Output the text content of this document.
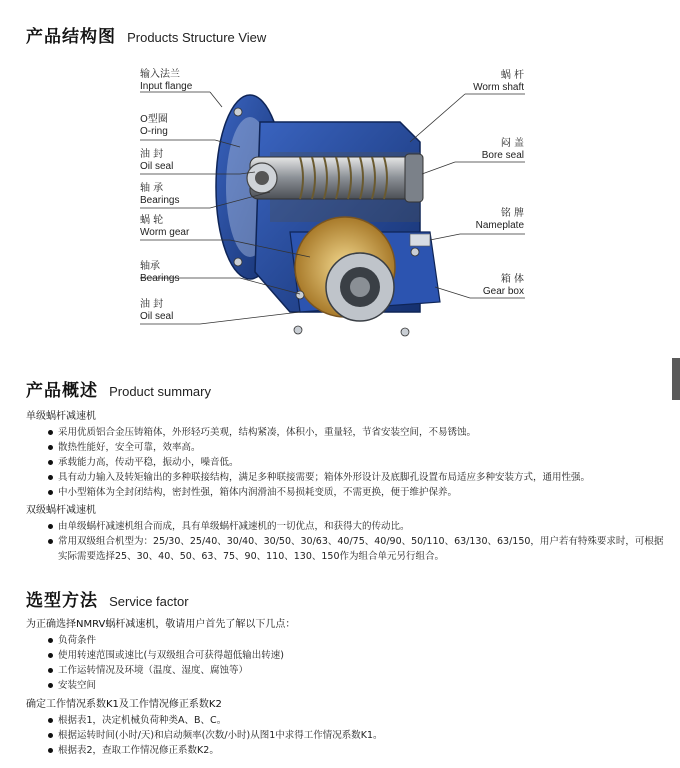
产品结构图 Products Structure View
输入法兰
Input flange
O型圈
O-ring
油 封
Oil seal
轴 承
Bearings
蜗 轮
Worm gear
轴承
Bearings
油 封
Oil seal
蜗 杆
Worm shaft
闷 盖
Bore seal
铭 牌
Nameplate
箱 体
Gear box
产品概述 Product summary
单级蜗杆减速机
采用优质铝合金压铸箱体，外形轻巧美观，结构紧凑，体积小，重量轻，节省安装空间，不易锈蚀。
散热性能好，安全可靠，效率高。
承载能力高，传动平稳，振动小，噪音低。
具有动力输入及转矩输出的多种联接结构，满足多种联接需要；箱体外形设计及底脚孔设置布局适应多种安装方式，通用性强。
中小型箱体为全封闭结构，密封性强，箱体内润滑油不易损耗变质，不需更换，便于维护保养。
双级蜗杆减速机
由单级蜗杆减速机组合而成，具有单级蜗杆减速机的一切优点，和获得大的传动比。
常用双级组合机型为：25/30、25/40、30/40、30/50、30/63、40/75、40/90、50/110、63/130、63/150，用户若有特殊要求时，可根据实际需要选择25、30、40、50、63、75、90、110、130、150作为组合单元另行组合。
选型方法 Service factor
为正确选择NMRV蜗杆减速机，敬请用户首先了解以下几点：
负荷条件
使用转速范围或速比(与双级组合可获得超低输出转速)
工作运转情况及环境（温度、湿度、腐蚀等）
安装空间
确定工作情况系数K1及工作情况修正系数K2
根据表1，决定机械负荷种类A、B、C。
根据运转时间(小时/天)和启动频率(次数/小时)从图1中求得工作情况系数K1。
根据表2，查取工作情况修正系数K2。
